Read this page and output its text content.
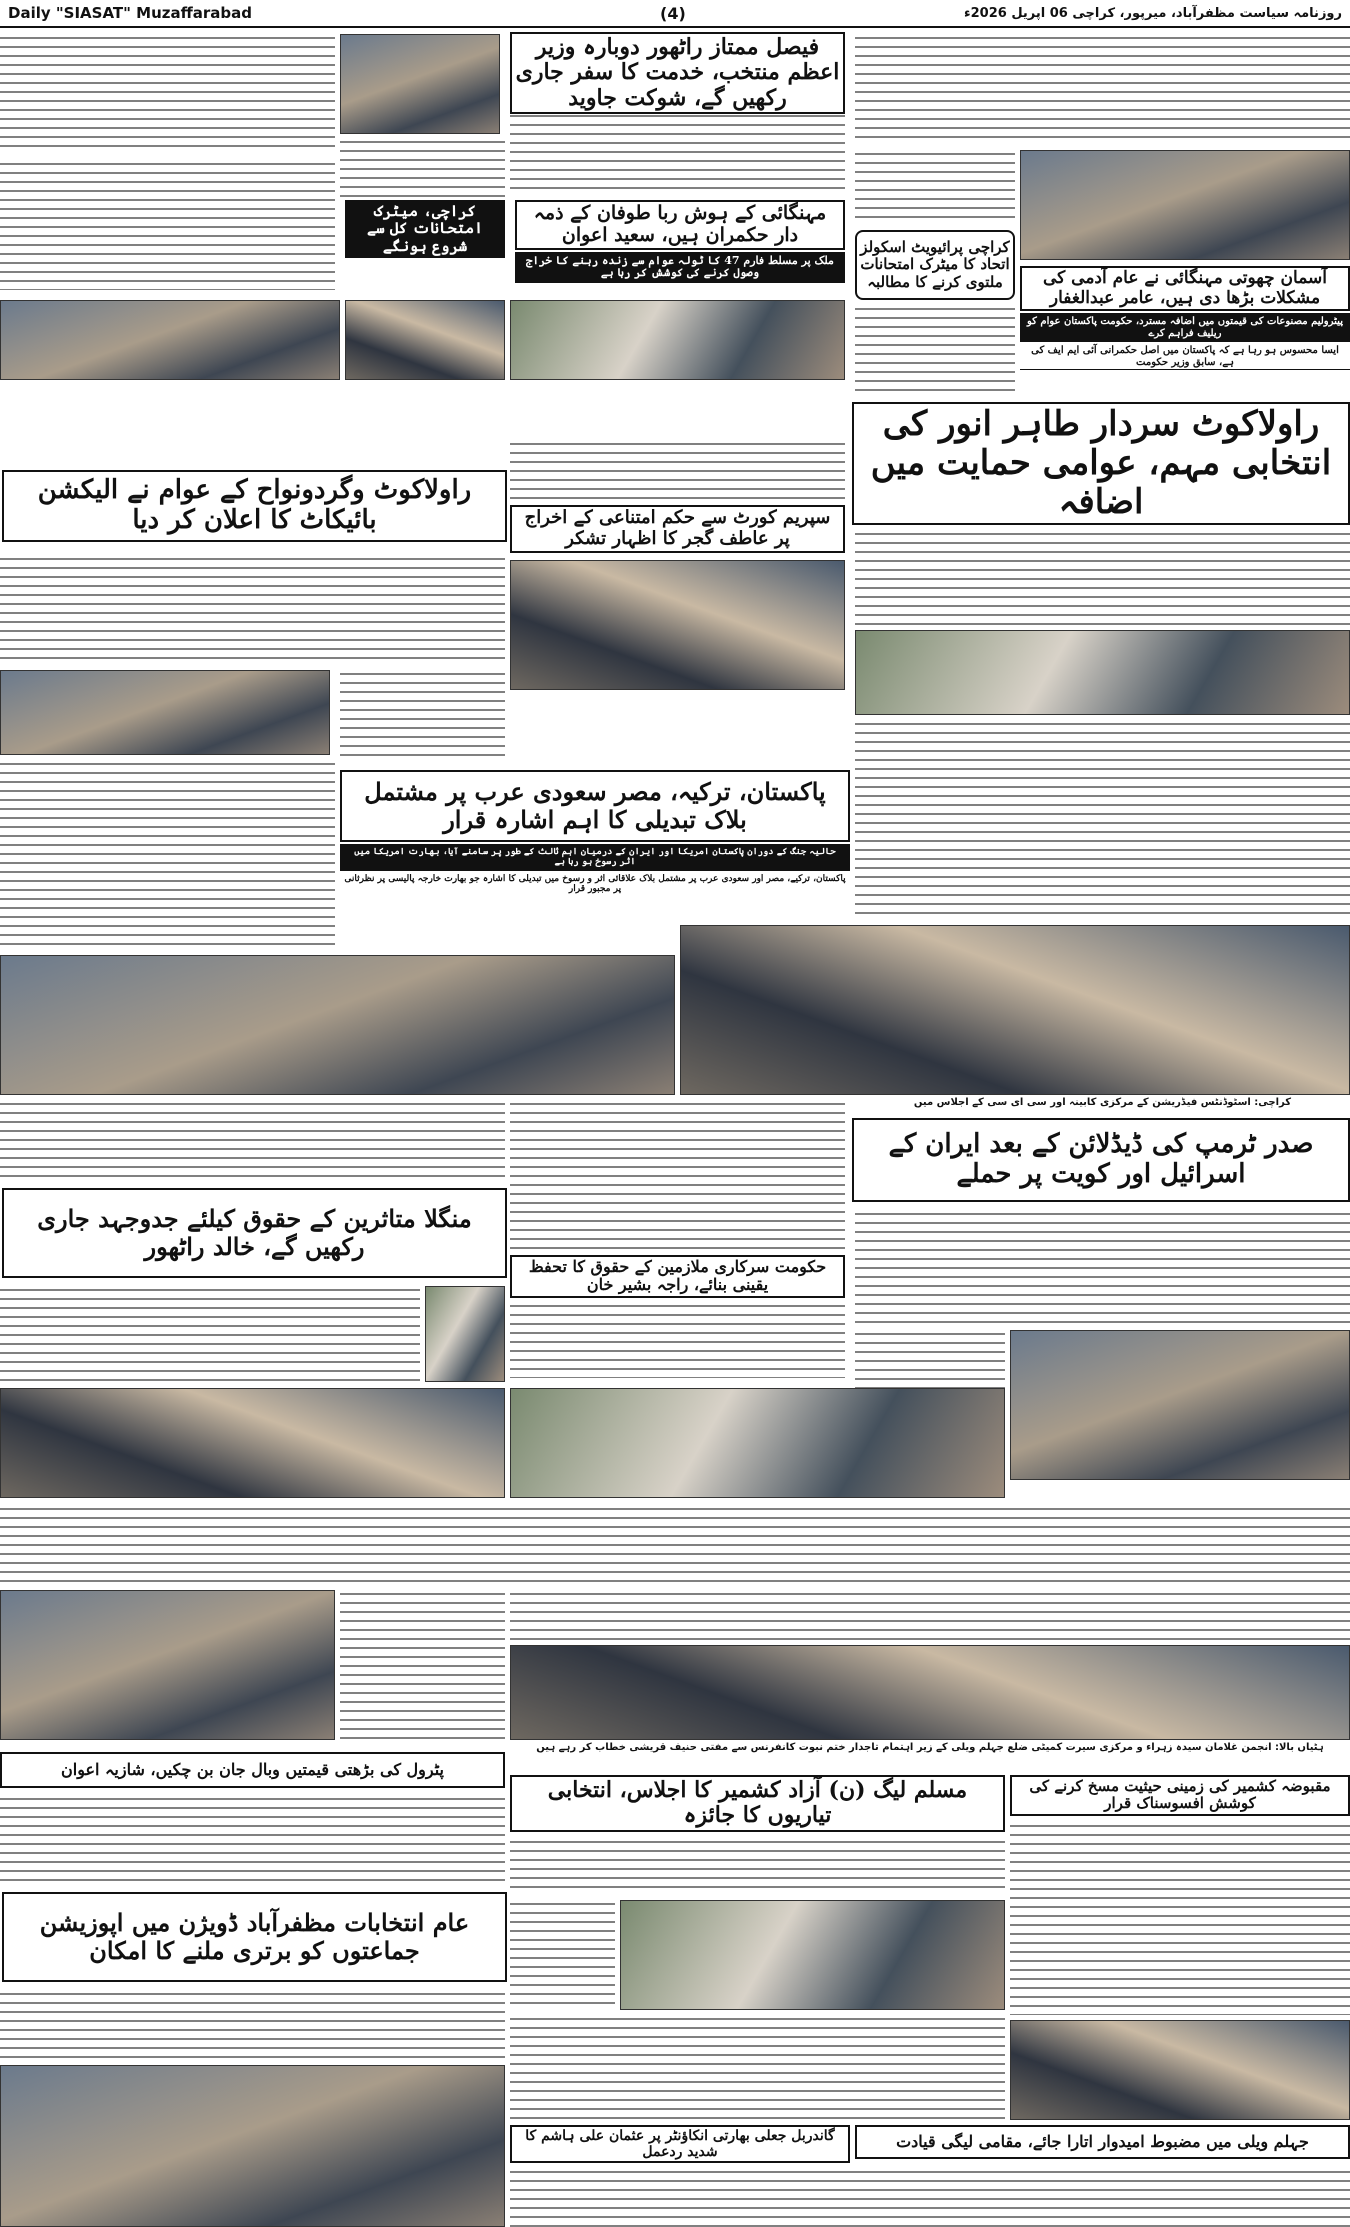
Daily "SIASAT" Muzaffarabad	(4)	روزنامہ سیاست مظفرآباد، میرپور، کراچی 06 اپریل 2026ء
فیصل ممتاز راٹھور دوبارہ وزیر اعظم منتخب، خدمت کا سفر جاری رکھیں گے، شوکت جاوید
کراچی، میٹرک امتحانات کل سے شروع ہونگے
مہنگائی کے ہوش ربا طوفان کے ذمہ دار حکمران ہیں، سعید اعوان
ملک پر مسلط فارم 47 کا ٹولہ عوام سے زندہ رہنے کا خراج وصول کرنے کی کوشش کر رہا ہے
کراچی پرائیویٹ اسکولز اتحاد کا میٹرک امتحانات ملتوی کرنے کا مطالبہ	آسمان چھوتی مہنگائی نے عام آدمی کی مشکلات بڑھا دی ہیں، عامر عبدالغفار
پیٹرولیم مصنوعات کی قیمتوں میں اضافہ مسترد، حکومت پاکستان عوام کو ریلیف فراہم کرے
ایسا محسوس ہو رہا ہے کہ پاکستان میں اصل حکمرانی آئی ایم ایف کی ہے، سابق وزیر حکومت
راولاکوٹ سردار طاہر انور کی انتخابی مہم، عوامی حمایت میں اضافہ
راولاکوٹ وگردونواح کے عوام نے الیکشن بائیکاٹ کا اعلان کر دیا	سپریم کورٹ سے حکم امتناعی کے اخراج پر عاطف گجر کا اظہار تشکر
پاکستان، ترکیہ، مصر سعودی عرب پر مشتمل بلاک تبدیلی کا اہم اشارہ قرار
حالیہ جنگ کے دوران پاکستان امریکا اور ایران کے درمیان اہم ثالث کے طور پر سامنے آیا، بھارت امریکا میں اثر رسوخ ہو رہا ہے
پاکستان، ترکیے، مصر اور سعودی عرب پر مشتمل بلاک علاقائی اثر و رسوخ میں تبدیلی کا اشارہ جو بھارت خارجہ پالیسی پر نظرثانی پر مجبور قرار
کراچی: اسٹوڈنٹس فیڈریشن کے مرکزی کابینہ اور سی ای سی کے اجلاس میں
صدر ٹرمپ کی ڈیڈلائن کے بعد ایران کے اسرائیل اور کویت پر حملے
منگلا متاثرین کے حقوق کیلئے جدوجہد جاری رکھیں گے، خالد راٹھور
حکومت سرکاری ملازمین کے حقوق کا تحفظ یقینی بنائے، راجہ بشیر خان
ہٹیاں بالا: انجمن غلامان سیدہ زہراء و مرکزی سیرت کمیٹی ضلع جہلم ویلی کے زیر اہتمام تاجدار ختم نبوت کانفرنس سے مفتی حنیف قریشی خطاب کر رہے ہیں
پٹرول کی بڑھتی قیمتیں وبال جان بن چکیں، شازیہ اعوان
مقبوضہ کشمیر کی زمینی حیثیت مسخ کرنے کی کوشش افسوسناک قرار
مسلم لیگ (ن) آزاد کشمیر کا اجلاس، انتخابی تیاریوں کا جائزہ
عام انتخابات مظفرآباد ڈویژن میں اپوزیشن جماعتوں کو برتری ملنے کا امکان
گاندربل جعلی بھارتی انکاؤنٹر پر عثمان علی ہاشم کا شدید ردعمل
جہلم ویلی میں مضبوط امیدوار اتارا جائے، مقامی لیگی قیادت
